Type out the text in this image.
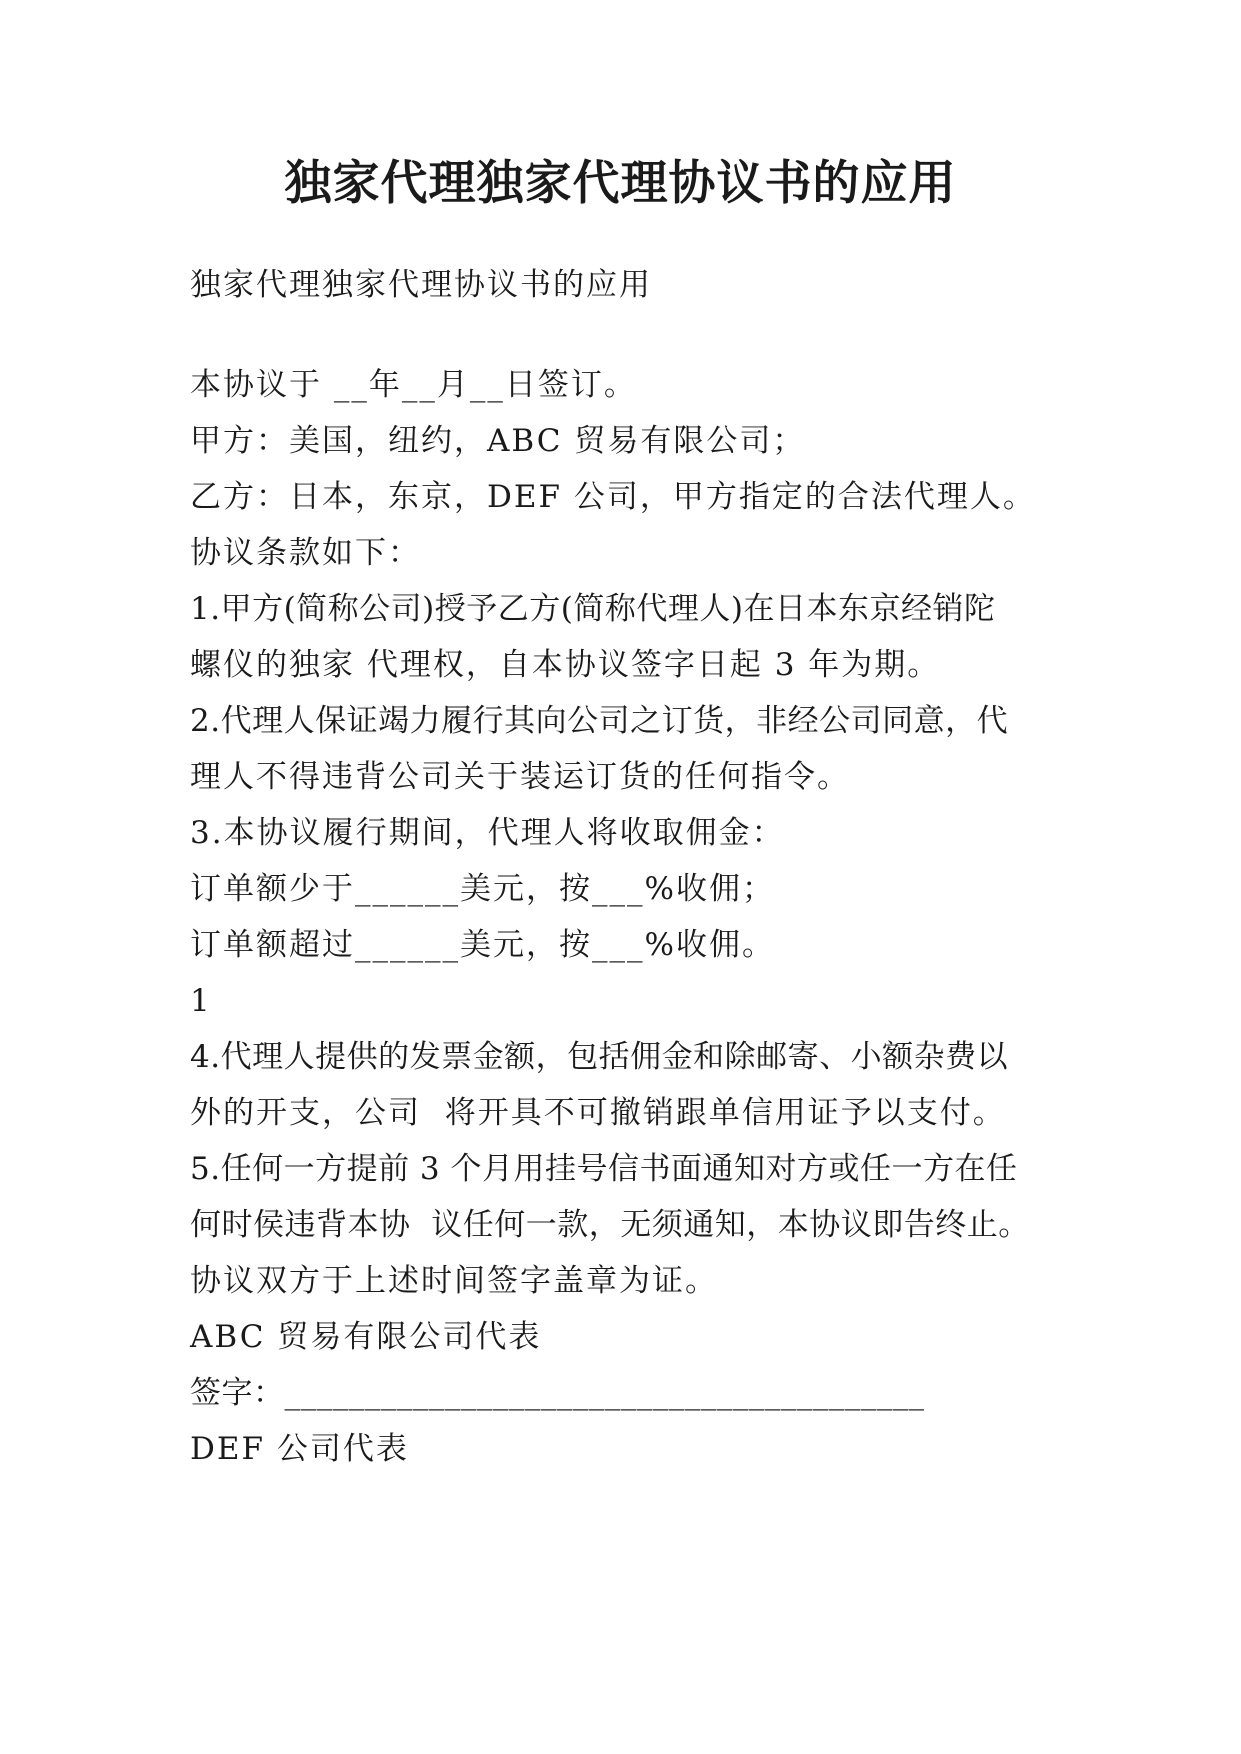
独家代理独家代理协议书的应用

独家代理独家代理协议书的应用

本协议于 __年__月__日签订。

甲方：美国，纽约，ABC 贸易有限公司；

乙方：日本，东京，DEF 公司，甲方指定的合法代理人。

协议条款如下：

1.甲方(简称公司)授予乙方(简称代理人)在日本东京经销陀

螺仪的独家 代理权，自本协议签字日起 3 年为期。

2.代理人保证竭力履行其向公司之订货，非经公司同意，代

理人不得违背公司关于装运订货的任何指令。

3.本协议履行期间，代理人将收取佣金：

订单额少于______美元，按___%收佣；

订单额超过______美元，按___%收佣。

1

4.代理人提供的发票金额，包括佣金和除邮寄、小额杂费以

外的开支，公司  将开具不可撤销跟单信用证予以支付。

5.任何一方提前 3 个月用挂号信书面通知对方或任一方在任

何时侯违背本协  议任何一款，无须通知，本协议即告终止。

协议双方于上述时间签字盖章为证。

ABC 贸易有限公司代表

签字：________________________________________

DEF 公司代表
